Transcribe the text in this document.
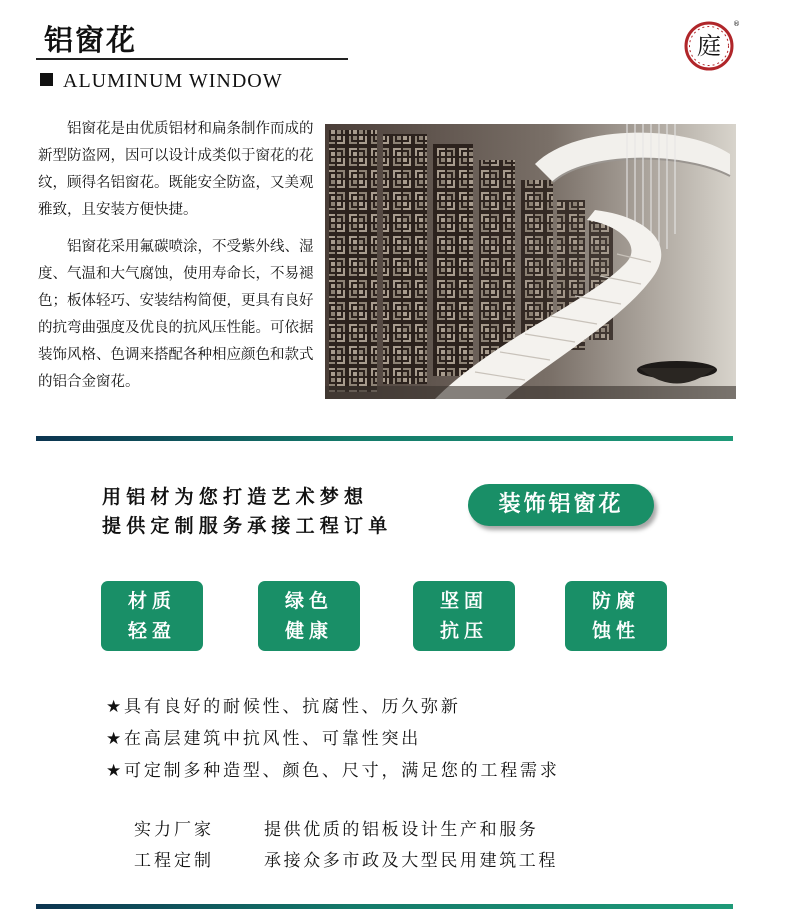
铝窗花
ALUMINUM WINDOW
庭
®
铝窗花是由优质铝材和扁条制作而成的新型防盗网，因可以设计成类似于窗花的花纹，顾得名铝窗花。既能安全防盗，又美观雅致，且安装方便快捷。
铝窗花采用氟碳喷涂，不受紫外线、湿度、气温和大气腐蚀，使用寿命长，不易褪色；板体轻巧、安装结构简便，更具有良好的抗弯曲强度及优良的抗风压性能。可依据装饰风格、色调来搭配各种相应颜色和款式的铝合金窗花。
用铝材为您打造艺术梦想
提供定制服务承接工程订单
装饰铝窗花
材质
轻盈
绿色
健康
坚固
抗压
防腐
蚀性
★具有良好的耐候性、抗腐性、历久弥新
★在高层建筑中抗风性、可靠性突出
★可定制多种造型、颜色、尺寸，满足您的工程需求
实力厂家	提供优质的铝板设计生产和服务
工程定制	承接众多市政及大型民用建筑工程
